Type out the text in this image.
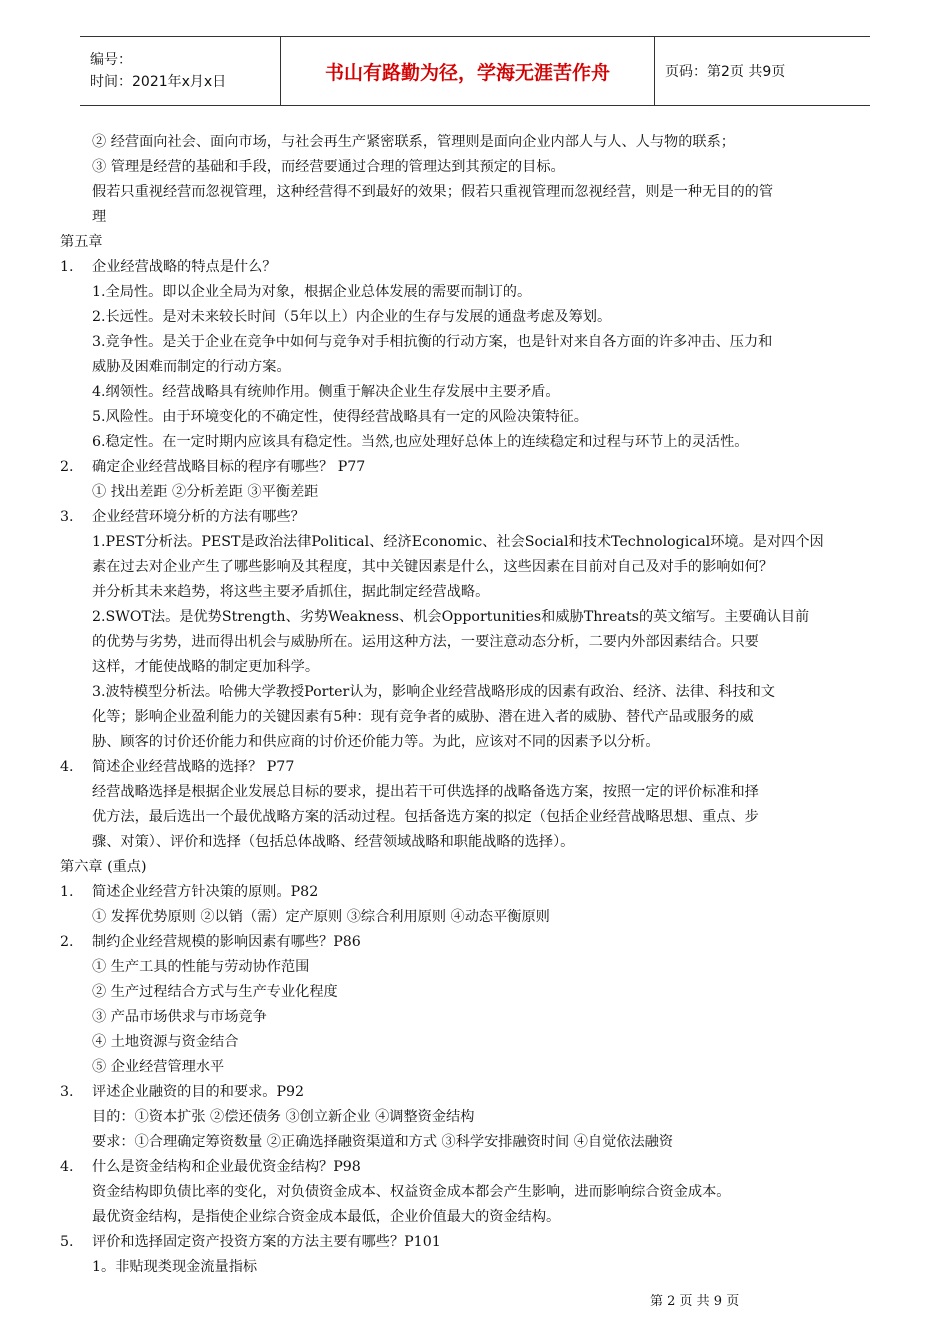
编号：
时间：2021年x月x日	书山有路勤为径，学海无涯苦作舟	页码：第2页 共9页
② 经营面向社会、面向市场，与社会再生产紧密联系，管理则是面向企业内部人与人、人与物的联系；
③ 管理是经营的基础和手段，而经营要通过合理的管理达到其预定的目标。
假若只重视经营而忽视管理，这种经营得不到最好的效果；假若只重视管理而忽视经营，则是一种无目的的管
理
第五章
1.	企业经营战略的特点是什么？
1.全局性。即以企业全局为对象，根据企业总体发展的需要而制订的。
2.长远性。是对未来较长时间（5年以上）内企业的生存与发展的通盘考虑及筹划。
3.竞争性。是关于企业在竞争中如何与竞争对手相抗衡的行动方案，也是针对来自各方面的许多冲击、压力和
威胁及困难而制定的行动方案。
4.纲领性。经营战略具有统帅作用。侧重于解决企业生存发展中主要矛盾。
5.风险性。由于环境变化的不确定性，使得经营战略具有一定的风险决策特征。
6.稳定性。在一定时期内应该具有稳定性。当然,也应处理好总体上的连续稳定和过程与环节上的灵活性。
2.	确定企业经营战略目标的程序有哪些？ P77
① 找出差距 ②分析差距 ③平衡差距
3.	企业经营环境分析的方法有哪些？
1.PEST分析法。PEST是政治法律Political、经济Economic、社会Social和技术Technological环境。是对四个因
素在过去对企业产生了哪些影响及其程度，其中关键因素是什么，这些因素在目前对自己及对手的影响如何？
并分析其未来趋势，将这些主要矛盾抓住，据此制定经营战略。
2.SWOT法。是优势Strength、劣势Weakness、机会Opportunities和威胁Threats的英文缩写。主要确认目前
的优势与劣势，进而得出机会与威胁所在。运用这种方法，一要注意动态分析，二要内外部因素结合。只要
这样，才能使战略的制定更加科学。
3.波特模型分析法。哈佛大学教授Porter认为，影响企业经营战略形成的因素有政治、经济、法律、科技和文
化等；影响企业盈利能力的关键因素有5种：现有竞争者的威胁、潜在进入者的威胁、替代产品或服务的威
胁、顾客的讨价还价能力和供应商的讨价还价能力等。为此，应该对不同的因素予以分析。
4.	简述企业经营战略的选择？ P77
经营战略选择是根据企业发展总目标的要求，提出若干可供选择的战略备选方案，按照一定的评价标准和择
优方法，最后选出一个最优战略方案的活动过程。包括备选方案的拟定（包括企业经营战略思想、重点、步
骤、对策）、评价和选择（包括总体战略、经营领域战略和职能战略的选择）。
第六章 (重点)
1.	简述企业经营方针决策的原则。P82
① 发挥优势原则 ②以销（需）定产原则 ③综合利用原则 ④动态平衡原则
2.	制约企业经营规模的影响因素有哪些？P86
① 生产工具的性能与劳动协作范围
② 生产过程结合方式与生产专业化程度
③ 产品市场供求与市场竞争
④ 土地资源与资金结合
⑤ 企业经营管理水平
3.	评述企业融资的目的和要求。P92
目的：①资本扩张 ②偿还债务 ③创立新企业 ④调整资金结构
要求：①合理确定筹资数量 ②正确选择融资渠道和方式 ③科学安排融资时间 ④自觉依法融资
4.	什么是资金结构和企业最优资金结构？P98
资金结构即负债比率的变化，对负债资金成本、权益资金成本都会产生影响，进而影响综合资金成本。
最优资金结构，是指使企业综合资金成本最低，企业价值最大的资金结构。
5.	评价和选择固定资产投资方案的方法主要有哪些？P101
1。非贴现类现金流量指标
第 2 页 共 9 页
